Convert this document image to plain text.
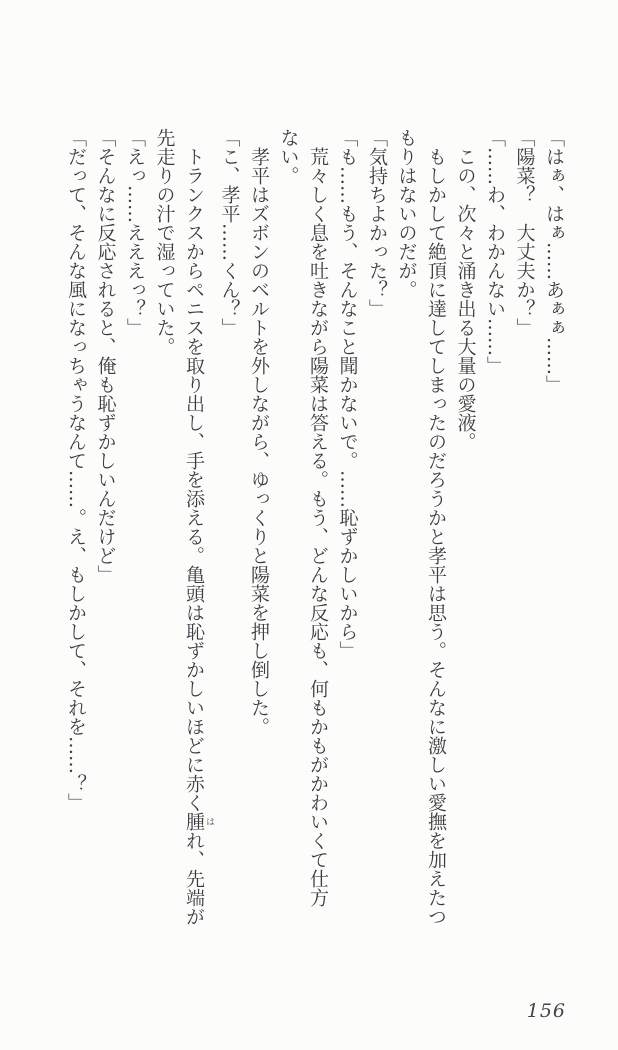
「はぁ、はぁ……あぁぁ……」

「陽菜？　大丈夫か？」

「……わ、わかんない……」

この、次々と涌き出る大量の愛液。

もしかして絶頂に達してしまったのだろうかと孝平は思う。そんなに激しい愛撫を加えたつ

もりはないのだが。

「気持ちよかった？」

「も……もう、そんなこと聞かないで。……恥ずかしいから」

荒々しく息を吐きながら陽菜は答える。もう、どんな反応も、何もかもがかわいくて仕方

ない。

孝平はズボンのベルトを外しながら、ゆっくりと陽菜を押し倒した。

「こ、孝平……くん？」

トランクスからペニスを取り出し、手を添える。亀頭は恥ずかしいほどに赤く腫 はれ、先端が

先走りの汁で湿っていた。

「えっ……えええっ？」

「そんなに反応されると、俺も恥ずかしいんだけど」

「だって、そんな風になっちゃうなんて……。え、もしかして、それを……？」

156
